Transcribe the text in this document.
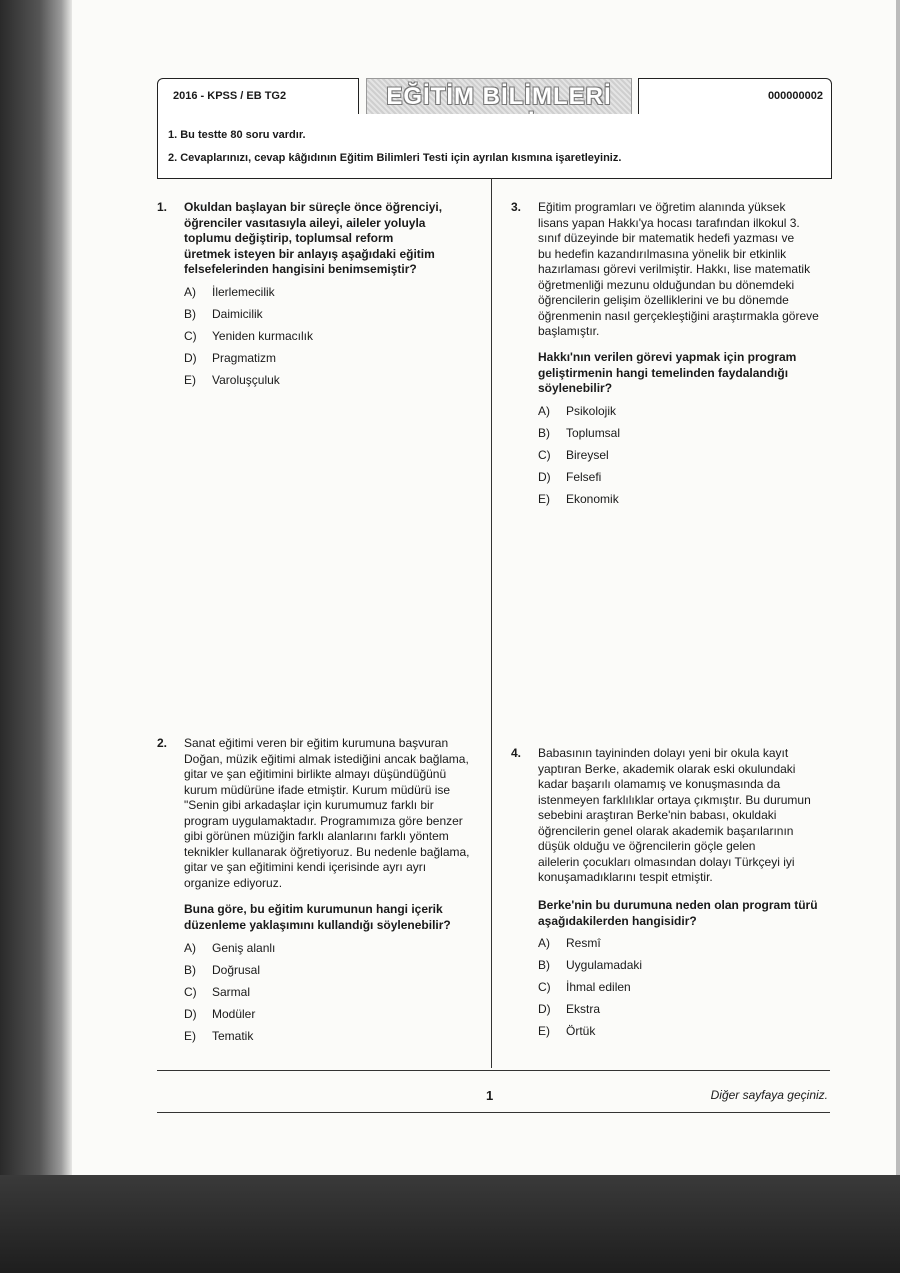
2016 - KPSS / EB TG2	EĞİTİM BİLİMLERİ	000000002
1. Bu testte 80 soru vardır.
2. Cevaplarınızı, cevap kâğıdının Eğitim Bilimleri Testi için ayrılan kısmına işaretleyiniz.
1. Okuldan başlayan bir süreçle önce öğrenciyi,
öğrenciler vasıtasıyla aileyi, aileler yoluyla
toplumu değiştirip, toplumsal reform
üretmek isteyen bir anlayış aşağıdaki eğitim
felsefelerinden hangisini benimsemiştir?
A) İlerlemecilik
B) Daimicilik
C) Yeniden kurmacılık
D) Pragmatizm
E) Varoluşçuluk
2. Sanat eğitimi veren bir eğitim kurumuna başvuran
Doğan, müzik eğitimi almak istediğini ancak bağlama,
gitar ve şan eğitimini birlikte almayı düşündüğünü
kurum müdürüne ifade etmiştir. Kurum müdürü ise
"Senin gibi arkadaşlar için kurumumuz farklı bir
program uygulamaktadır. Programımıza göre benzer
gibi görünen müziğin farklı alanlarını farklı yöntem
teknikler kullanarak öğretiyoruz. Bu nedenle bağlama,
gitar ve şan eğitimini kendi içerisinde ayrı ayrı
organize ediyoruz.
Buna göre, bu eğitim kurumunun hangi içerik
düzenleme yaklaşımını kullandığı söylenebilir?
A) Geniş alanlı
B) Doğrusal
C) Sarmal
D) Modüler
E) Tematik
3. Eğitim programları ve öğretim alanında yüksek
lisans yapan Hakkı'ya hocası tarafından ilkokul 3.
sınıf düzeyinde bir matematik hedefi yazması ve
bu hedefin kazandırılmasına yönelik bir etkinlik
hazırlaması görevi verilmiştir. Hakkı, lise matematik
öğretmenliği mezunu olduğundan bu dönemdeki
öğrencilerin gelişim özelliklerini ve bu dönemde
öğrenmenin nasıl gerçekleştiğini araştırmakla göreve
başlamıştır.
Hakkı'nın verilen görevi yapmak için program
geliştirmenin hangi temelinden faydalandığı
söylenebilir?
A) Psikolojik
B) Toplumsal
C) Bireysel
D) Felsefi
E) Ekonomik
4. Babasının tayininden dolayı yeni bir okula kayıt
yaptıran Berke, akademik olarak eski okulundaki
kadar başarılı olamamış ve konuşmasında da
istenmeyen farklılıklar ortaya çıkmıştır. Bu durumun
sebebini araştıran Berke'nin babası, okuldaki
öğrencilerin genel olarak akademik başarılarının
düşük olduğu ve öğrencilerin göçle gelen
ailelerin çocukları olmasından dolayı Türkçeyi iyi
konuşamadıklarını tespit etmiştir.
Berke'nin bu durumuna neden olan program türü
aşağıdakilerden hangisidir?
A) Resmî
B) Uygulamadaki
C) İhmal edilen
D) Ekstra
E) Örtük
1	Diğer sayfaya geçiniz.
